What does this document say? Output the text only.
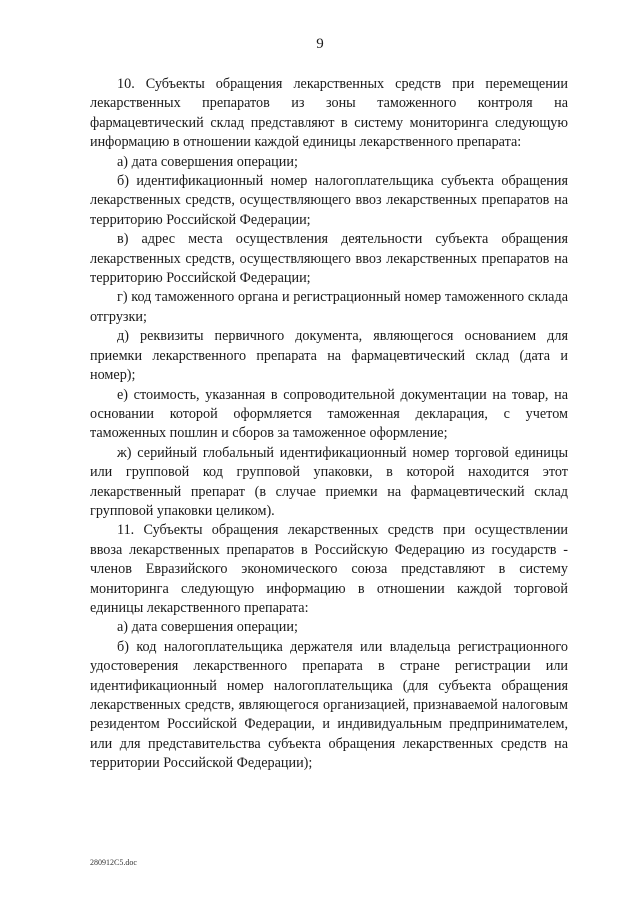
9

10. Субъекты обращения лекарственных средств при перемещении лекарственных препаратов из зоны таможенного контроля на фармацевтический склад представляют в систему мониторинга следующую информацию в отношении каждой единицы лекарственного препарата:

а) дата совершения операции;

б) идентификационный номер налогоплательщика субъекта обращения лекарственных средств, осуществляющего ввоз лекарственных препаратов на территорию Российской Федерации;

в) адрес места осуществления деятельности субъекта обращения лекарственных средств, осуществляющего ввоз лекарственных препаратов на территорию Российской Федерации;

г) код таможенного органа и регистрационный номер таможенного склада отгрузки;

д) реквизиты первичного документа, являющегося основанием для приемки лекарственного препарата на фармацевтический склад (дата и номер);

е) стоимость, указанная в сопроводительной документации на товар, на основании которой оформляется таможенная декларация, с учетом таможенных пошлин и сборов за таможенное оформление;

ж) серийный глобальный идентификационный номер торговой единицы или групповой код групповой упаковки, в которой находится этот лекарственный препарат (в случае приемки на фармацевтический склад групповой упаковки целиком).

11. Субъекты обращения лекарственных средств при осуществлении ввоза лекарственных препаратов в Российскую Федерацию из государств - членов Евразийского экономического союза представляют в систему мониторинга следующую информацию в отношении каждой торговой единицы лекарственного препарата:

а) дата совершения операции;

б) код налогоплательщика держателя или владельца регистрационного удостоверения лекарственного препарата в стране регистрации или идентификационный номер налогоплательщика (для субъекта обращения лекарственных средств, являющегося организацией, признаваемой налоговым резидентом Российской Федерации, и индивидуальным предпринимателем, или для представительства субъекта обращения лекарственных средств на территории Российской Федерации);

280912С5.doc
